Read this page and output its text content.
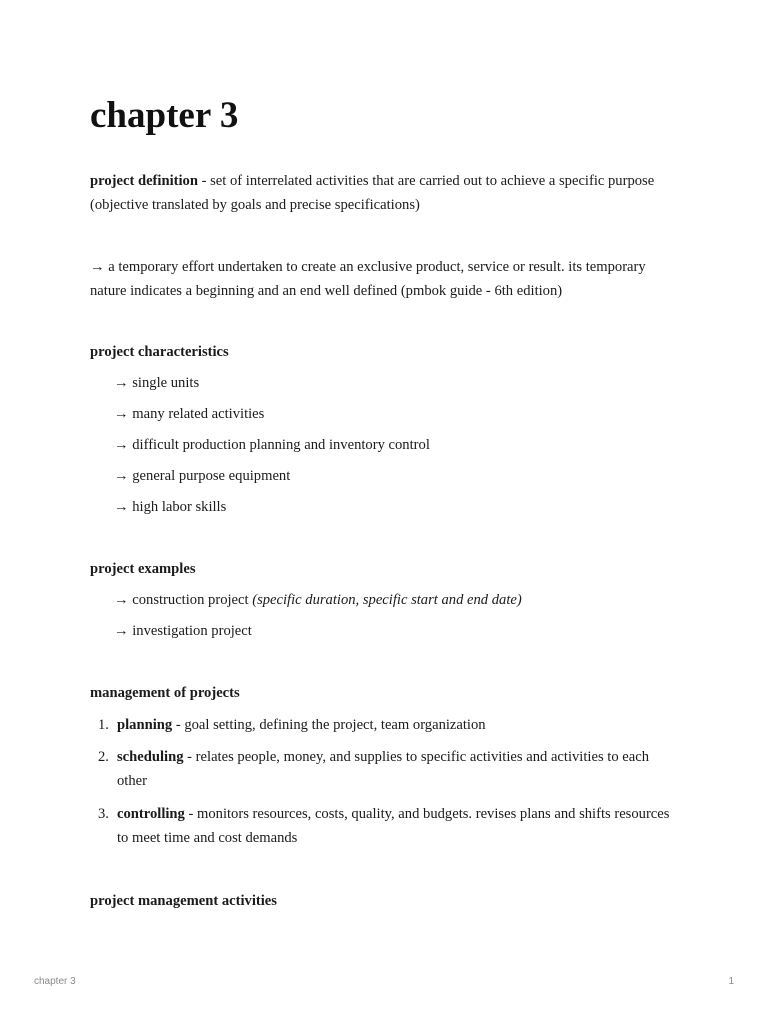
chapter 3

project definition - set of interrelated activities that are carried out to achieve a specific purpose (objective translated by goals and precise specifications)

→ a temporary effort undertaken to create an exclusive product, service or result. its temporary nature indicates a beginning and an end well defined (pmbok guide - 6th edition)

project characteristics

→ single units

→ many related activities

→ difficult production planning and inventory control

→ general purpose equipment

→ high labor skills

project examples

→ construction project (specific duration, specific start and end date)

→ investigation project

management of projects

1. planning - goal setting, defining the project, team organization
2. scheduling - relates people, money, and supplies to specific activities and activities to each other
3. controlling - monitors resources, costs, quality, and budgets. revises plans and shifts resources to meet time and cost demands

project management activities

chapter 3	1
